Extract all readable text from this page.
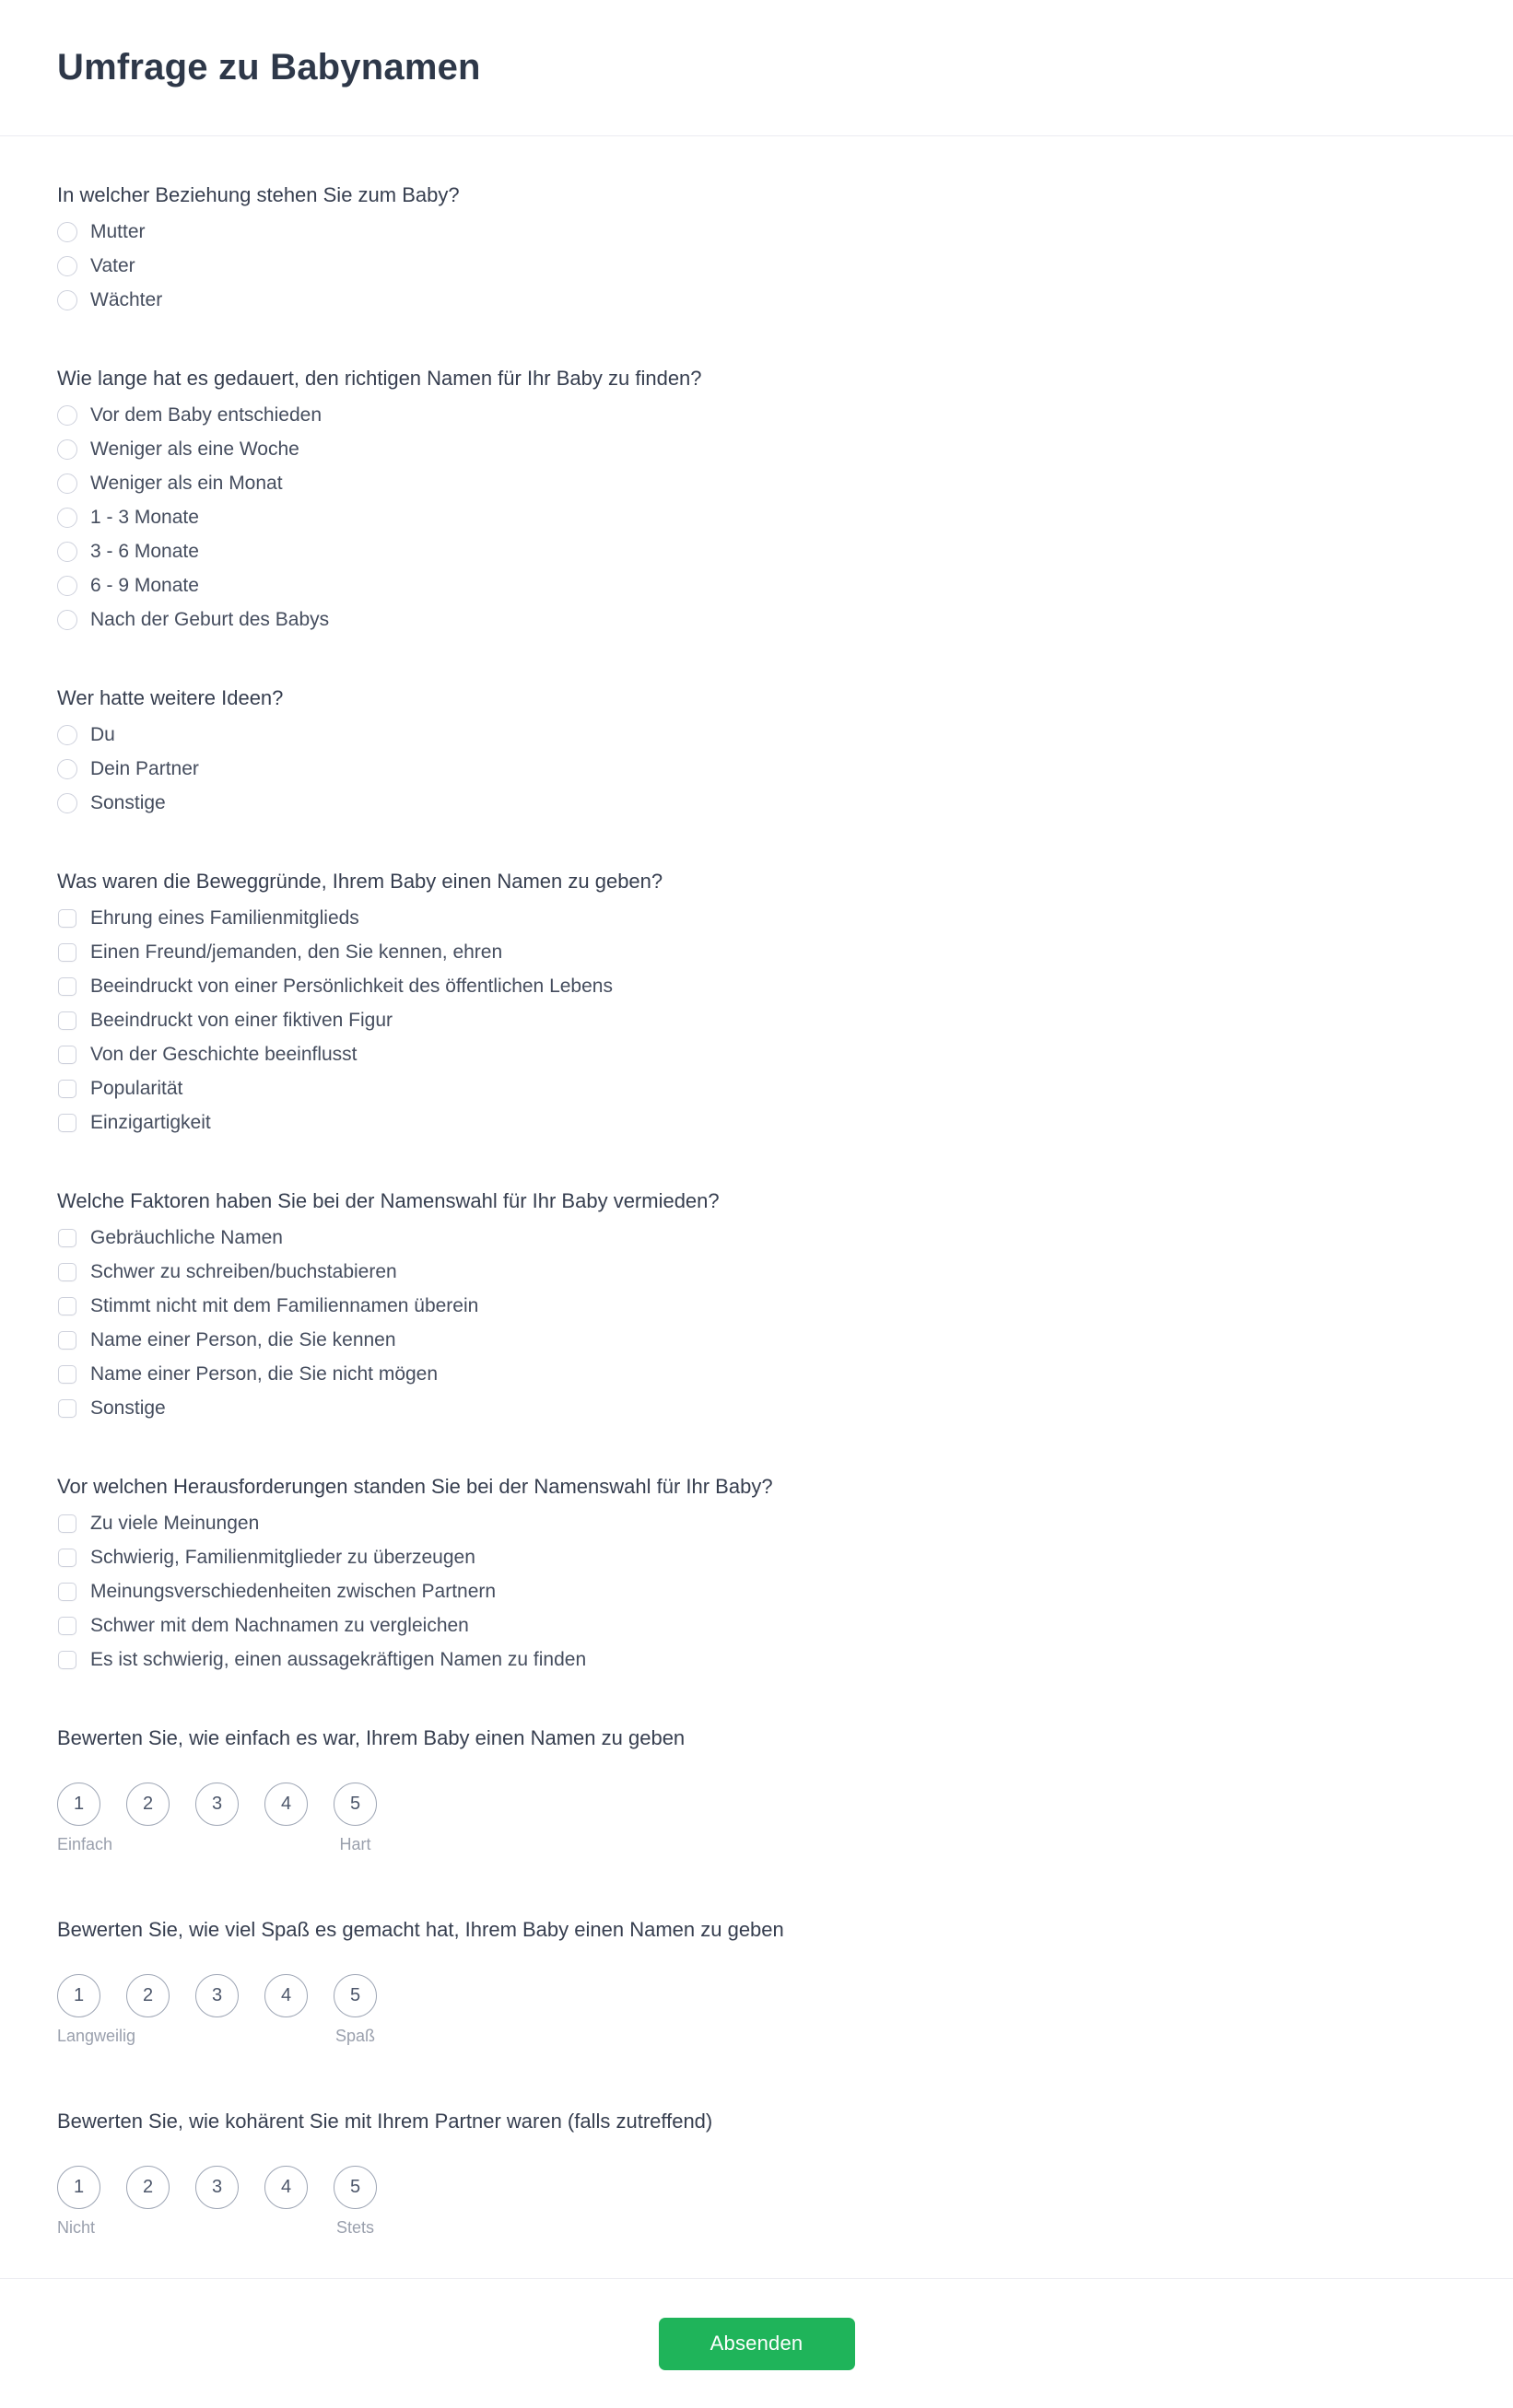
Umfrage zu Babynamen

In welcher Beziehung stehen Sie zum Baby?

Mutter
Vater
Wächter

Wie lange hat es gedauert, den richtigen Namen für Ihr Baby zu finden?

Vor dem Baby entschieden
Weniger als eine Woche
Weniger als ein Monat
1 - 3 Monate
3 - 6 Monate
6 - 9 Monate
Nach der Geburt des Babys

Wer hatte weitere Ideen?

Du
Dein Partner
Sonstige

Was waren die Beweggründe, Ihrem Baby einen Namen zu geben?

Ehrung eines Familienmitglieds
Einen Freund/jemanden, den Sie kennen, ehren
Beeindruckt von einer Persönlichkeit des öffentlichen Lebens
Beeindruckt von einer fiktiven Figur
Von der Geschichte beeinflusst
Popularität
Einzigartigkeit

Welche Faktoren haben Sie bei der Namenswahl für Ihr Baby vermieden?

Gebräuchliche Namen
Schwer zu schreiben/buchstabieren
Stimmt nicht mit dem Familiennamen überein
Name einer Person, die Sie kennen
Name einer Person, die Sie nicht mögen
Sonstige

Vor welchen Herausforderungen standen Sie bei der Namenswahl für Ihr Baby?

Zu viele Meinungen
Schwierig, Familienmitglieder zu überzeugen
Meinungsverschiedenheiten zwischen Partnern
Schwer mit dem Nachnamen zu vergleichen
Es ist schwierig, einen aussagekräftigen Namen zu finden

Bewerten Sie, wie einfach es war, Ihrem Baby einen Namen zu geben

1	2	3	4	5
Einfach	Hart

Bewerten Sie, wie viel Spaß es gemacht hat, Ihrem Baby einen Namen zu geben

1	2	3	4	5
Langweilig	Spaß

Bewerten Sie, wie kohärent Sie mit Ihrem Partner waren (falls zutreffend)

1	2	3	4	5
Nicht	Stets
Absenden
